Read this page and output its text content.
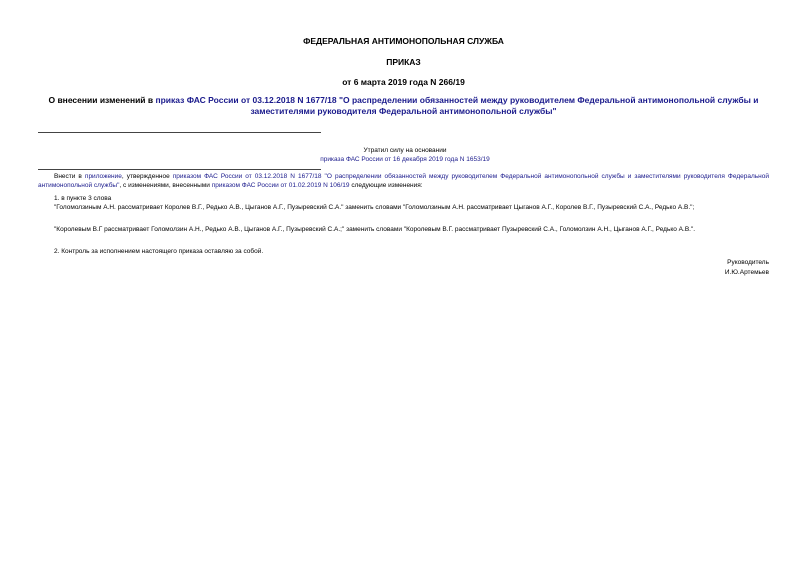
ФЕДЕРАЛЬНАЯ АНТИМОНОПОЛЬНАЯ СЛУЖБА
ПРИКАЗ
от 6 марта 2019 года N 266/19
О внесении изменений в приказ ФАС России от 03.12.2018 N 1677/18 "О распределении обязанностей между руководителем Федеральной антимонопольной службы и заместителями руководителя Федеральной антимонопольной службы"
Утратил силу на основании
приказа ФАС России от 16 декабря 2019 года N 1653/19
Внести в приложение, утвержденное приказом ФАС России от 03.12.2018 N 1677/18 "О распределении обязанностей между руководителем Федеральной антимонопольной службы и заместителями руководителя Федеральной антимонопольной службы", с изменениями, внесенными приказом ФАС России от 01.02.2019 N 106/19 следующие изменения:
1. в пункте 3 слова
"Голомолзиным А.Н. рассматривает Королев В.Г., Редько А.В., Цыганов А.Г., Пузыревский С.А." заменить словами "Голомолзиным А.Н. рассматривает Цыганов А.Г., Королев В.Г., Пузыревский С.А., Редько А.В.";
"Королевым В.Г рассматривает Голомолзин А.Н., Редько А.В., Цыганов А.Г., Пузыревский С.А.;" заменить словами "Королевым В.Г. рассматривает Пузыревский С.А., Голомолзин А.Н., Цыганов А.Г., Редько А.В.".
2. Контроль за исполнением настоящего приказа оставляю за собой.
Руководитель
И.Ю.Артемьев
